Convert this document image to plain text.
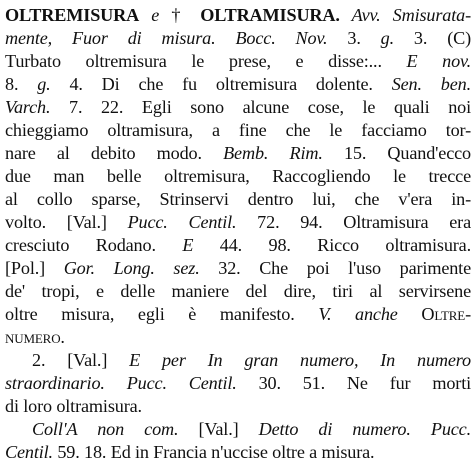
OLTREMISURA e † OLTRAMISURA. Avv. Smisurata-
mente, Fuor di misura. Bocc. Nov. 3. g. 3. (C)
Turbato oltremisura le prese, e disse:... E nov.
8. g. 4. Di che fu oltremisura dolente. Sen. ben.
Varch. 7. 22. Egli sono alcune cose, le quali noi
chieggiamo oltramisura, a fine che le facciamo tor-
nare al debito modo. Bemb. Rim. 15. Quand'ecco
due man belle oltremisura, Raccogliendo le trecce
al collo sparse, Strinservi dentro lui, che v'era in-
volto. [Val.] Pucc. Centil. 72. 94. Oltramisura era
cresciuto Rodano. E 44. 98. Ricco oltramisura.
[Pol.] Gor. Long. sez. 32. Che poi l'uso parimente
de' tropi, e delle maniere del dire, tiri al servirsene
oltre misura, egli è manifesto. V. anche Oltre-
numero.
2. [Val.] E per In gran numero, In numero
straordinario. Pucc. Centil. 30. 51. Ne fur morti
di loro oltramisura.
Coll'A non com. [Val.] Detto di numero. Pucc.
Centil. 59. 18. Ed in Francia n'uccise oltre a misura.
